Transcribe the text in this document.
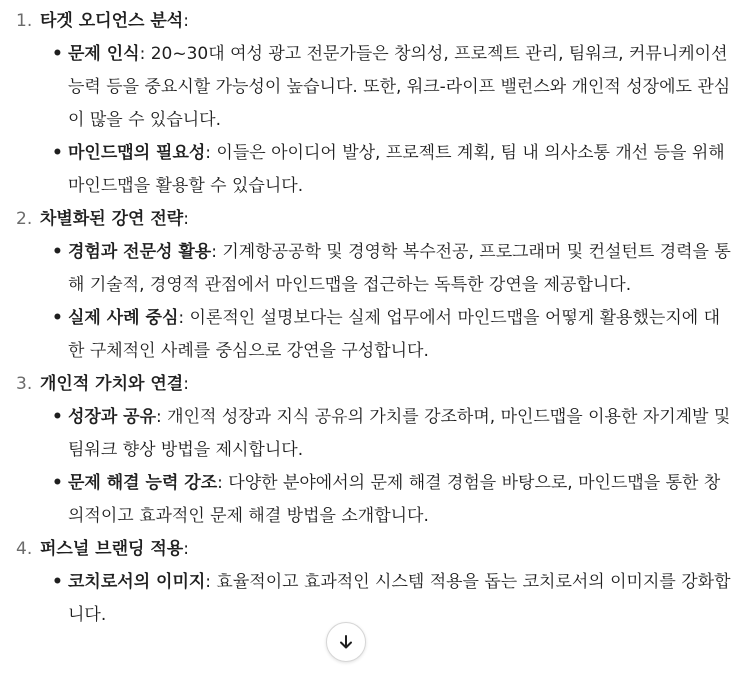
1. 타겟 오디언스 분석:
• 문제 인식: 20~30대 여성 광고 전문가들은 창의성, 프로젝트 관리, 팀워크, 커뮤니케이션 능력 등을 중요시할 가능성이 높습니다. 또한, 워크-라이프 밸런스와 개인적 성장에도 관심이 많을 수 있습니다.
• 마인드맵의 필요성: 이들은 아이디어 발상, 프로젝트 계획, 팀 내 의사소통 개선 등을 위해 마인드맵을 활용할 수 있습니다.
2. 차별화된 강연 전략:
• 경험과 전문성 활용: 기계항공공학 및 경영학 복수전공, 프로그래머 및 컨설턴트 경력을 통해 기술적, 경영적 관점에서 마인드맵을 접근하는 독특한 강연을 제공합니다.
• 실제 사례 중심: 이론적인 설명보다는 실제 업무에서 마인드맵을 어떻게 활용했는지에 대한 구체적인 사례를 중심으로 강연을 구성합니다.
3. 개인적 가치와 연결:
• 성장과 공유: 개인적 성장과 지식 공유의 가치를 강조하며, 마인드맵을 이용한 자기계발 및 팀워크 향상 방법을 제시합니다.
• 문제 해결 능력 강조: 다양한 분야에서의 문제 해결 경험을 바탕으로, 마인드맵을 통한 창의적이고 효과적인 문제 해결 방법을 소개합니다.
4. 퍼스널 브랜딩 적용:
• 코치로서의 이미지: 효율적이고 효과적인 시스템 적용을 돕는 코치로서의 이미지를 강화합니다.
